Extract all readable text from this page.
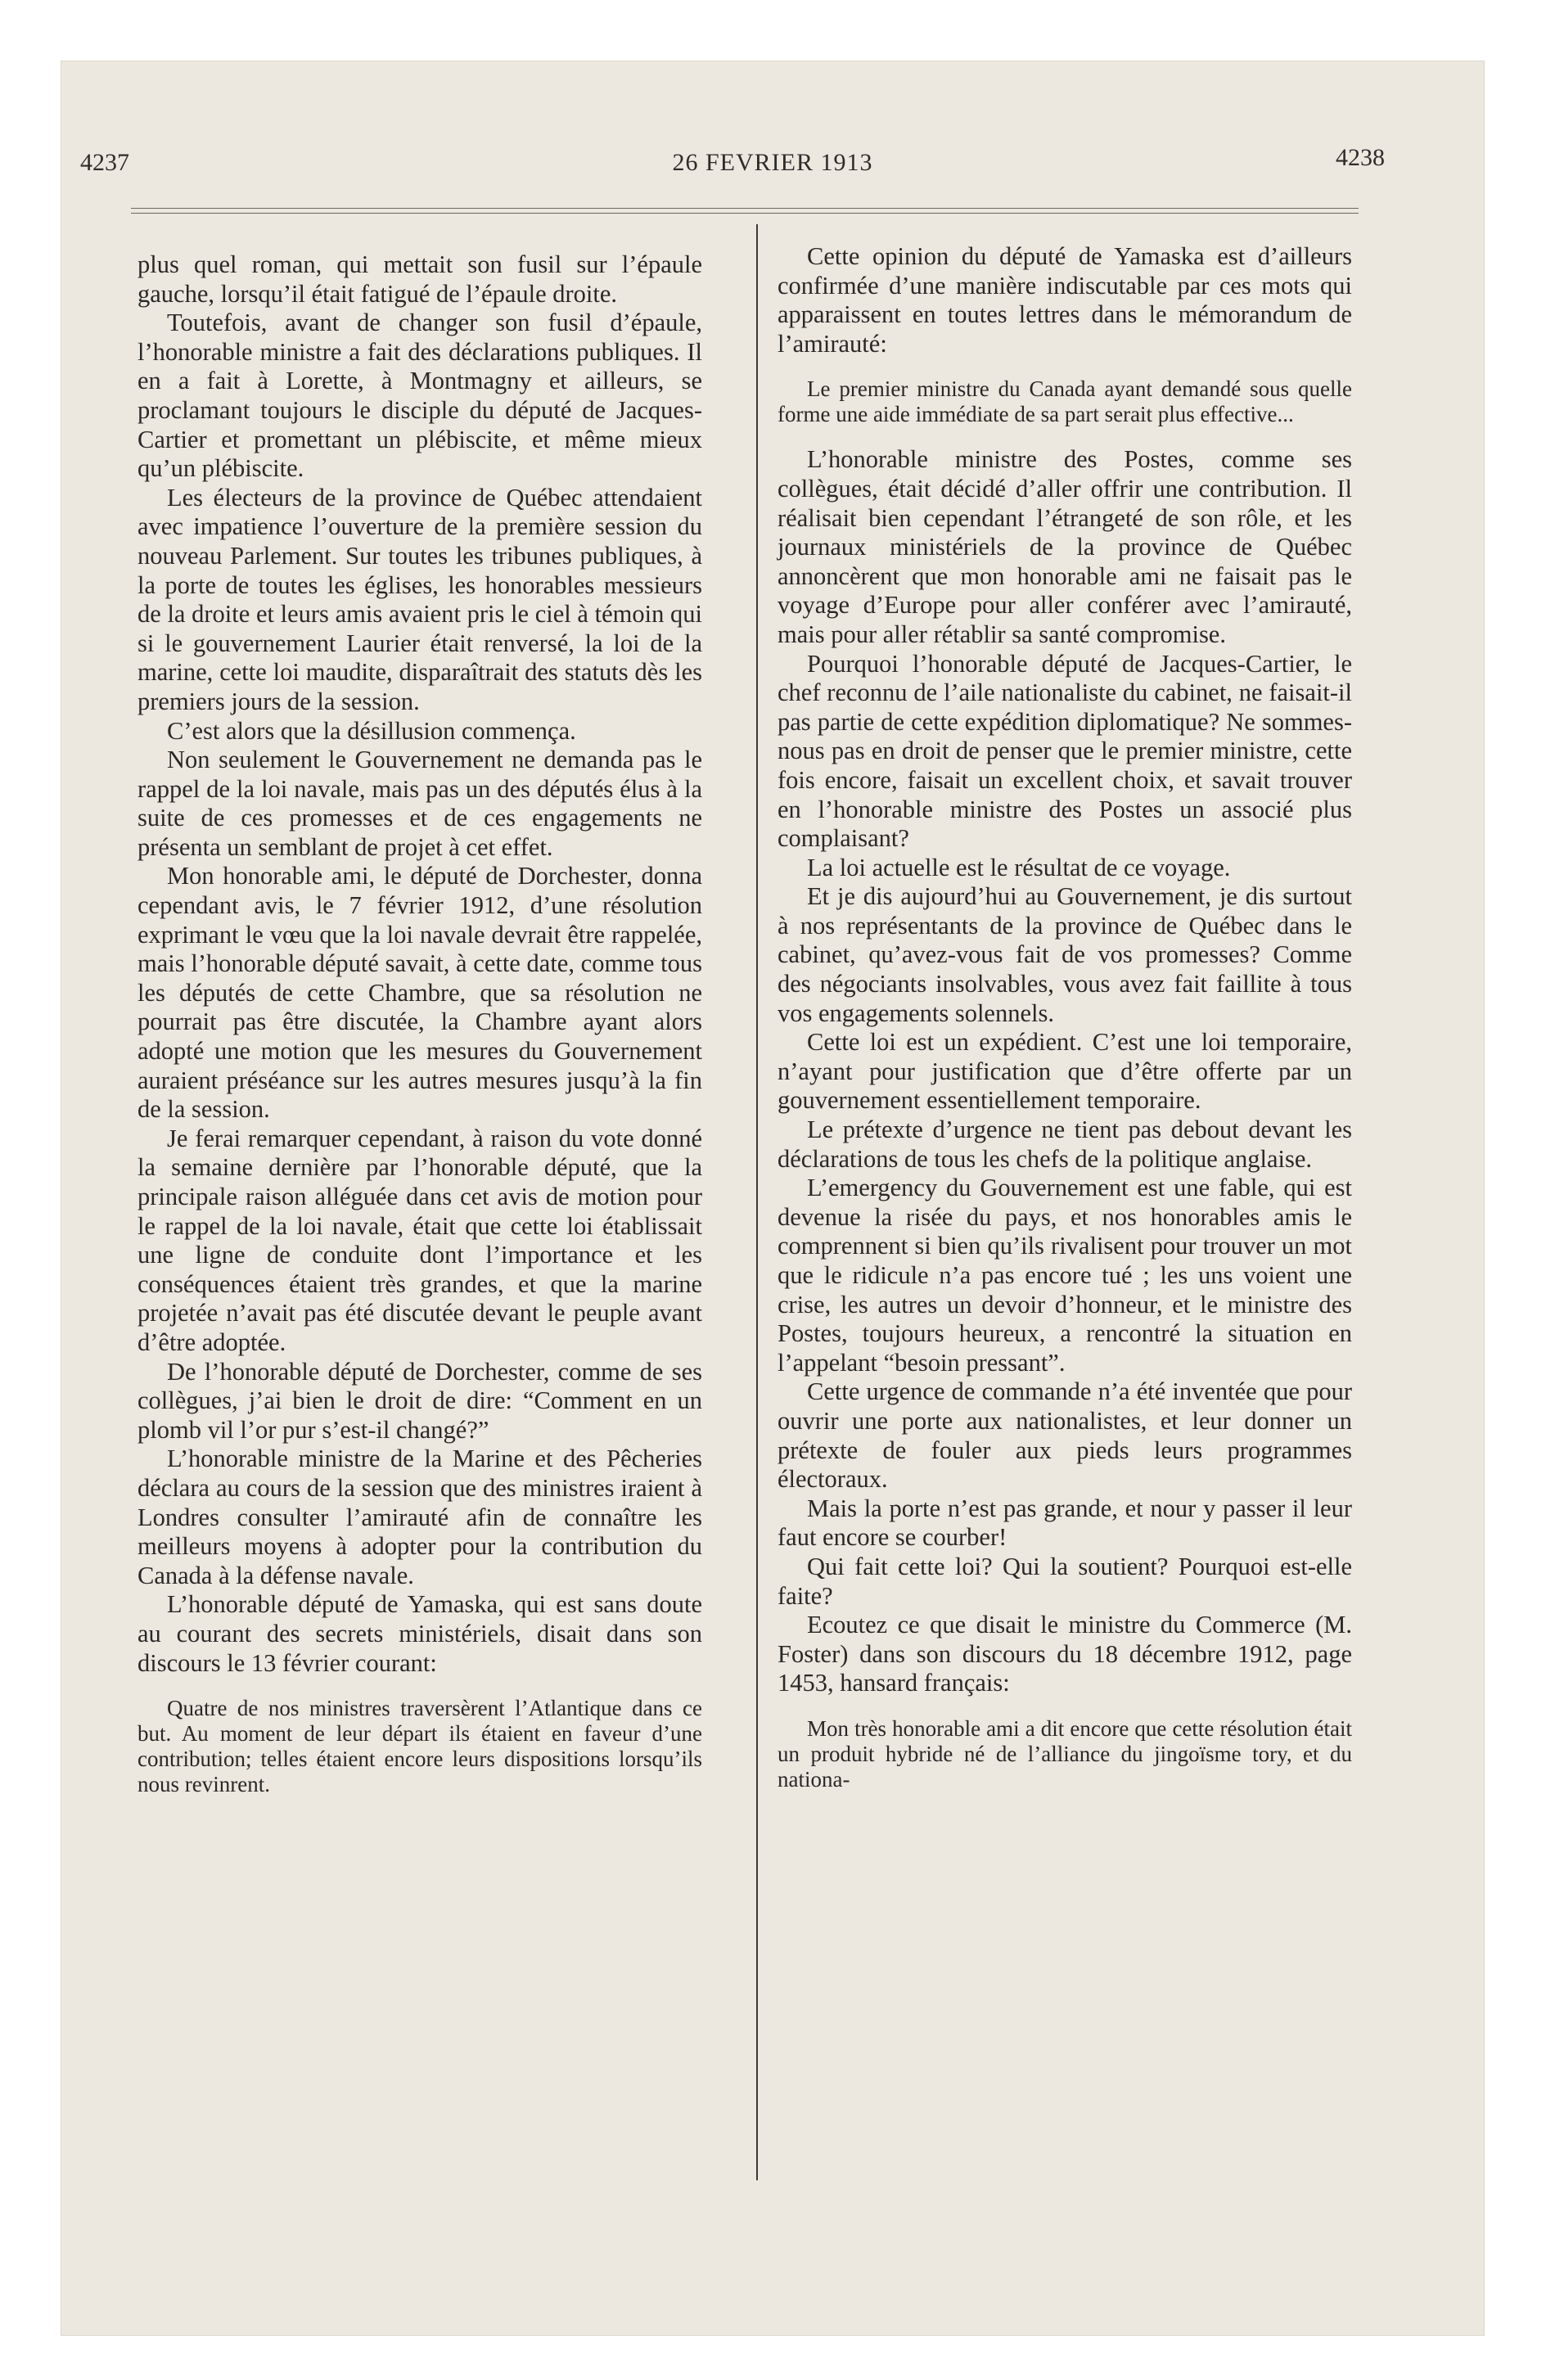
4237	26 FEVRIER 1913	4238

plus quel roman, qui mettait son fusil sur l’épaule gauche, lorsqu’il était fatigué de l’épaule droite.

Toutefois, avant de changer son fusil d’épaule, l’honorable ministre a fait des déclarations publiques. Il en a fait à Lorette, à Montmagny et ailleurs, se proclamant toujours le disciple du député de Jacques-Cartier et promettant un plébiscite, et même mieux qu’un plébiscite.

Les électeurs de la province de Québec attendaient avec impatience l’ouverture de la première session du nouveau Parlement. Sur toutes les tribunes publiques, à la porte de toutes les églises, les honorables messieurs de la droite et leurs amis avaient pris le ciel à témoin qui si le gouvernement Laurier était renversé, la loi de la marine, cette loi maudite, disparaîtrait des statuts dès les premiers jours de la session.

C’est alors que la désillusion commença.

Non seulement le Gouvernement ne demanda pas le rappel de la loi navale, mais pas un des députés élus à la suite de ces promesses et de ces engagements ne présenta un semblant de projet à cet effet.

Mon honorable ami, le député de Dorchester, donna cependant avis, le 7 février 1912, d’une résolution exprimant le vœu que la loi navale devrait être rappelée, mais l’honorable député savait, à cette date, comme tous les députés de cette Chambre, que sa résolution ne pourrait pas être discutée, la Chambre ayant alors adopté une motion que les mesures du Gouvernement auraient préséance sur les autres mesures jusqu’à la fin de la session.

Je ferai remarquer cependant, à raison du vote donné la semaine dernière par l’honorable député, que la principale raison alléguée dans cet avis de motion pour le rappel de la loi navale, était que cette loi établissait une ligne de conduite dont l’importance et les conséquences étaient très grandes, et que la marine projetée n’avait pas été discutée devant le peuple avant d’être adoptée.

De l’honorable député de Dorchester, comme de ses collègues, j’ai bien le droit de dire: “Comment en un plomb vil l’or pur s’est-il changé?”

L’honorable ministre de la Marine et des Pêcheries déclara au cours de la session que des ministres iraient à Londres consulter l’amirauté afin de connaître les meilleurs moyens à adopter pour la contribution du Canada à la défense navale.

L’honorable député de Yamaska, qui est sans doute au courant des secrets ministériels, disait dans son discours le 13 février courant:

Quatre de nos ministres traversèrent l’Atlantique dans ce but. Au moment de leur départ ils étaient en faveur d’une contribution; telles étaient encore leurs dispositions lorsqu’ils nous revinrent.

Cette opinion du député de Yamaska est d’ailleurs confirmée d’une manière indiscutable par ces mots qui apparaissent en toutes lettres dans le mémorandum de l’amirauté:

Le premier ministre du Canada ayant demandé sous quelle forme une aide immédiate de sa part serait plus effective...

L’honorable ministre des Postes, comme ses collègues, était décidé d’aller offrir une contribution. Il réalisait bien cependant l’étrangeté de son rôle, et les journaux ministériels de la province de Québec annoncèrent que mon honorable ami ne faisait pas le voyage d’Europe pour aller conférer avec l’amirauté, mais pour aller rétablir sa santé compromise.

Pourquoi l’honorable député de Jacques-Cartier, le chef reconnu de l’aile nationaliste du cabinet, ne faisait-il pas partie de cette expédition diplomatique? Ne sommes-nous pas en droit de penser que le premier ministre, cette fois encore, faisait un excellent choix, et savait trouver en l’honorable ministre des Postes un associé plus complaisant?

La loi actuelle est le résultat de ce voyage.

Et je dis aujourd’hui au Gouvernement, je dis surtout à nos représentants de la province de Québec dans le cabinet, qu’avez-vous fait de vos promesses? Comme des négociants insolvables, vous avez fait faillite à tous vos engagements solennels.

Cette loi est un expédient. C’est une loi temporaire, n’ayant pour justification que d’être offerte par un gouvernement essentiellement temporaire.

Le prétexte d’urgence ne tient pas debout devant les déclarations de tous les chefs de la politique anglaise.

L’emergency du Gouvernement est une fable, qui est devenue la risée du pays, et nos honorables amis le comprennent si bien qu’ils rivalisent pour trouver un mot que le ridicule n’a pas encore tué ; les uns voient une crise, les autres un devoir d’honneur, et le ministre des Postes, toujours heureux, a rencontré la situation en l’appelant “besoin pressant”.

Cette urgence de commande n’a été inventée que pour ouvrir une porte aux nationalistes, et leur donner un prétexte de fouler aux pieds leurs programmes électoraux.

Mais la porte n’est pas grande, et nour y passer il leur faut encore se courber!

Qui fait cette loi? Qui la soutient? Pourquoi est-elle faite?

Ecoutez ce que disait le ministre du Commerce (M. Foster) dans son discours du 18 décembre 1912, page 1453, hansard français:

Mon très honorable ami a dit encore que cette résolution était un produit hybride né de l’alliance du jingoïsme tory, et du nationa-
